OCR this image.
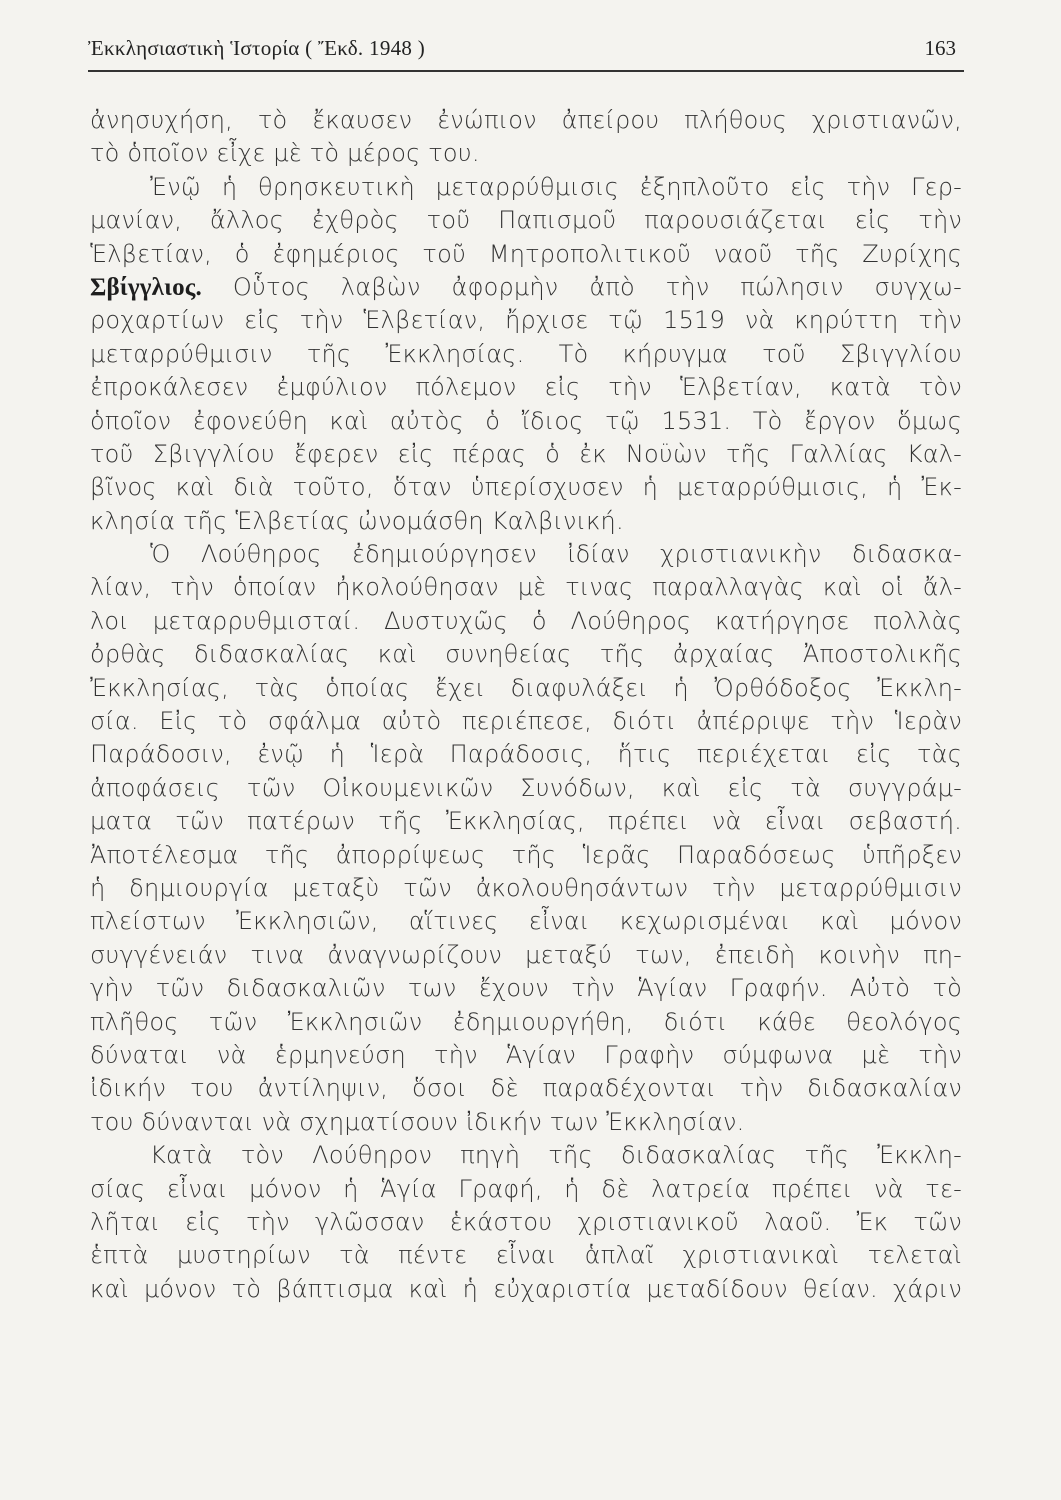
Ἐκκλησιαστικὴ Ἱστορία ( Ἔκδ. 1948 )	163
ἀνησυχήση, τὸ ἔκαυσεν ἐνώπιον ἀπείρου πλήθους χριστιανῶν,
τὸ ὁποῖον εἶχε μὲ τὸ μέρος του.
Ἐνῷ ἡ θρησκευτικὴ μεταρρύθμισις ἐξηπλοῦτο εἰς τὴν Γερ-
μανίαν, ἄλλος ἐχθρὸς τοῦ Παπισμοῦ παρουσιάζεται εἰς τὴν
Ἑλβετίαν, ὁ ἐφημέριος τοῦ Μητροπολιτικοῦ ναοῦ τῆς Ζυρίχης
Σβίγγλιος. Οὗτος λαβὼν ἀφορμὴν ἀπὸ τὴν πώλησιν συγχω-
ροχαρτίων εἰς τὴν Ἑλβετίαν, ἤρχισε τῷ 1519 νὰ κηρύττη τὴν
μεταρρύθμισιν τῆς Ἐκκλησίας. Τὸ κήρυγμα τοῦ Σβιγγλίου
ἐπροκάλεσεν ἐμφύλιον πόλεμον εἰς τὴν Ἑλβετίαν, κατὰ τὸν
ὁποῖον ἐφονεύθη καὶ αὐτὸς ὁ ἴδιος τῷ 1531. Τὸ ἔργον ὅμως
τοῦ Σβιγγλίου ἔφερεν εἰς πέρας ὁ ἐκ Νοϋὼν τῆς Γαλλίας Καλ-
βῖνος καὶ διὰ τοῦτο, ὅταν ὑπερίσχυσεν ἡ μεταρρύθμισις, ἡ Ἐκ-
κλησία τῆς Ἑλβετίας ὠνομάσθη Καλβινική.
Ὁ Λούθηρος ἐδημιούργησεν ἰδίαν χριστιανικὴν διδασκα-
λίαν, τὴν ὁποίαν ἠκολούθησαν μὲ τινας παραλλαγὰς καὶ οἱ ἄλ-
λοι μεταρρυθμισταί. Δυστυχῶς ὁ Λούθηρος κατήργησε πολλὰς
ὀρθὰς διδασκαλίας καὶ συνηθείας τῆς ἀρχαίας Ἀποστολικῆς
Ἐκκλησίας, τὰς ὁποίας ἔχει διαφυλάξει ἡ Ὀρθόδοξος Ἐκκλη-
σία. Εἰς τὸ σφάλμα αὐτὸ περιέπεσε, διότι ἀπέρριψε τὴν Ἱερὰν
Παράδοσιν, ἐνῷ ἡ Ἱερὰ Παράδοσις, ἥτις περιέχεται εἰς τὰς
ἀποφάσεις τῶν Οἰκουμενικῶν Συνόδων, καὶ εἰς τὰ συγγράμ-
ματα τῶν πατέρων τῆς Ἐκκλησίας, πρέπει νὰ εἶναι σεβαστή.
Ἀποτέλεσμα τῆς ἀπορρίψεως τῆς Ἱερᾶς Παραδόσεως ὑπῆρξεν
ἡ δημιουργία μεταξὺ τῶν ἀκολουθησάντων τὴν μεταρρύθμισιν
πλείστων Ἐκκλησιῶν, αἵτινες εἶναι κεχωρισμέναι καὶ μόνον
συγγένειάν τινα ἀναγνωρίζουν μεταξύ των, ἐπειδὴ κοινὴν πη-
γὴν τῶν διδασκαλιῶν των ἔχουν τὴν Ἁγίαν Γραφήν. Αὐτὸ τὸ
πλῆθος τῶν Ἐκκλησιῶν ἐδημιουργήθη, διότι κάθε θεολόγος
δύναται νὰ ἑρμηνεύση τὴν Ἁγίαν Γραφὴν σύμφωνα μὲ τὴν
ἰδικήν του ἀντίληψιν, ὅσοι δὲ παραδέχονται τὴν διδασκαλίαν
του δύνανται νὰ σχηματίσουν ἰδικήν των Ἐκκλησίαν.
Κατὰ τὸν Λούθηρον πηγὴ τῆς διδασκαλίας τῆς Ἐκκλη-
σίας εἶναι μόνον ἡ Ἁγία Γραφή, ἡ δὲ λατρεία πρέπει νὰ τε-
λῆται εἰς τὴν γλῶσσαν ἑκάστου χριστιανικοῦ λαοῦ. Ἐκ τῶν
ἑπτὰ μυστηρίων τὰ πέντε εἶναι ἁπλαῖ χριστιανικαὶ τελεταὶ
καὶ μόνον τὸ βάπτισμα καὶ ἡ εὐχαριστία μεταδίδουν θείαν. χάριν
